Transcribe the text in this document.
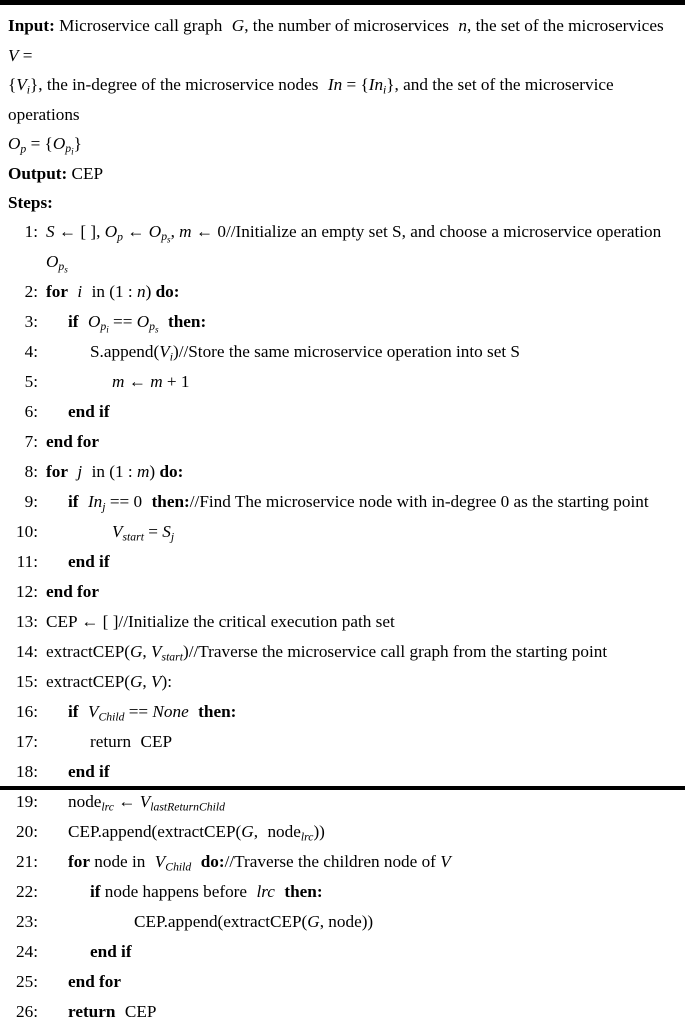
Input: Microservice call graph G, the number of microservices n, the set of the microservices V =
$\{V_i\}$, the in-degree of the microservice nodes $In = \{In_i\}$, and the set of the microservice operations
$O_p = \{O_{p_i}\}$
Output: CEP
Steps:
1: S ← [ ], $O_p$ ← $O_{p_s}$, m ← 0//Initialize an empty set S, and choose a microservice operation
$O_{p_s}$
2: for i in (1 : n) do:
3:	if $O_{p_i} == O_{p_s}$ then:
4:	$S.append(V_i)/$/Store the same microservice operation into set S
5:	m ← m + 1
6:	end if
7: end for
8: for j in (1 : m) do:
9:	if $In_j == 0$ then://Find The microservice node with in-degree 0 as the starting point
10:	$V_{start} = S_j$
11:	end if
12: end for
13: CEP ← [ ]//Initialize the critical execution path set
14: extractCEP(G, $V_{start})/$/Traverse the microservice call graph from the starting point
15: extractCEP(G, V):
16:	if $V_{Child}$ == None then:
17:	return CEP
18:	end if
19:	node$_{lrc}$ ← $V_{lastReturnChild}$
20:	CEP.append(extractCEP(G, node$_{lrc}$))
21:	for node in $V_{Child}$ do://Traverse the children node of V
22:	if node happens before lrc then:
23:	CEP.append(extractCEP(G, node))
24:	end if
25:	end for
26:	return CEP
